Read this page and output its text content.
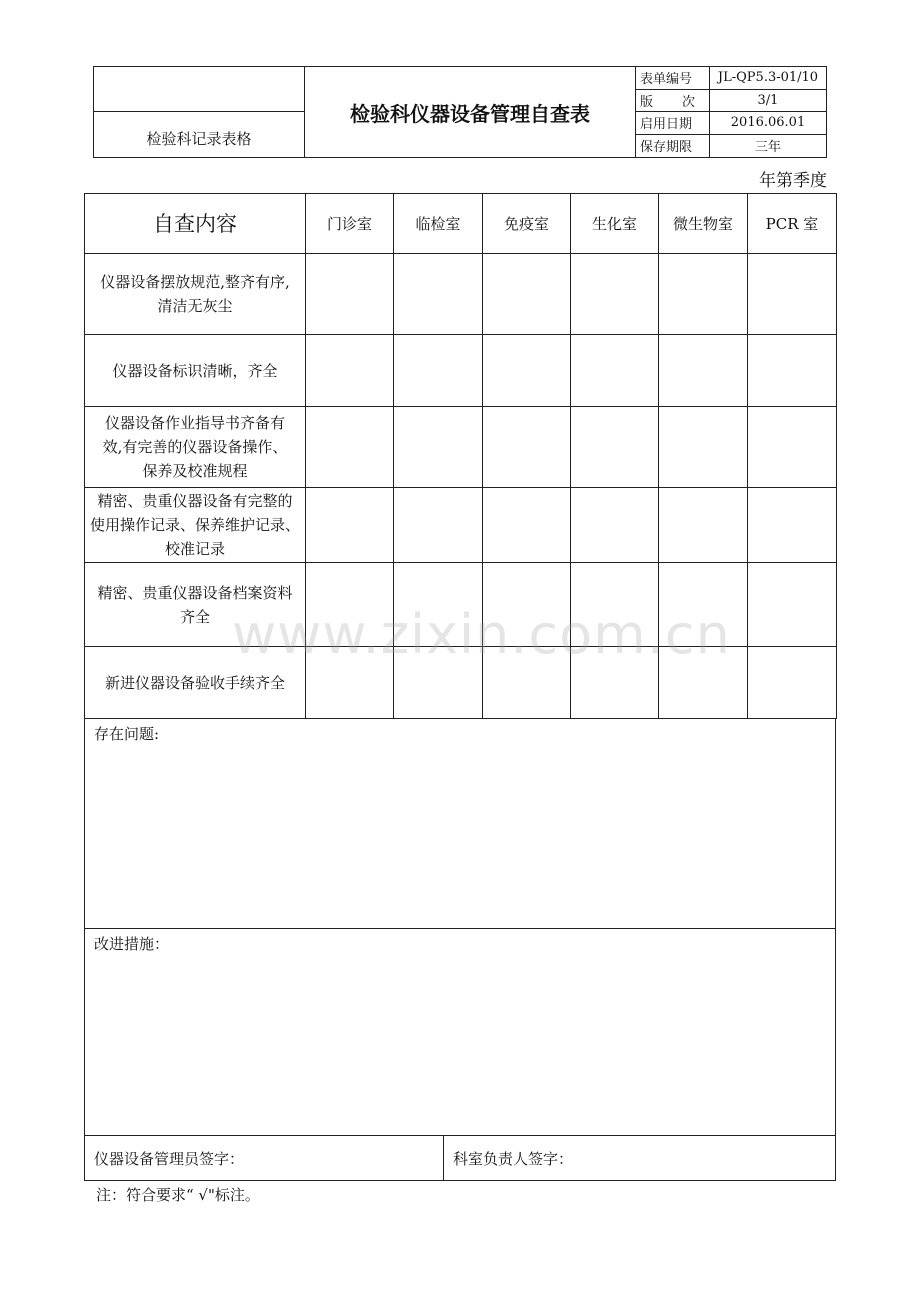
检验科记录表格
检验科仪器设备管理自查表
表单编号	JL-QP5.3-01/10
版 次	3/1
启用日期	2016.06.01
保存期限	三年
年第季度
自查内容	门诊室	临检室	免疫室	生化室	微生物室	PCR 室

仪器设备摆放规范,整齐有序,
清洁无灰尘						

仪器设备标识清晰，齐全						

仪器设备作业指导书齐备有
效,有完善的仪器设备操作、
保养及校准规程						

精密、贵重仪器设备有完整的
使用操作记录、保养维护记录、
校准记录						

精密、贵重仪器设备档案资料
齐全						

新进仪器设备验收手续齐全						

存在问题:
改进措施：
仪器设备管理员签字：	科室负责人签字：
注：符合要求“ √"标注。
www.zixin.com.cn
